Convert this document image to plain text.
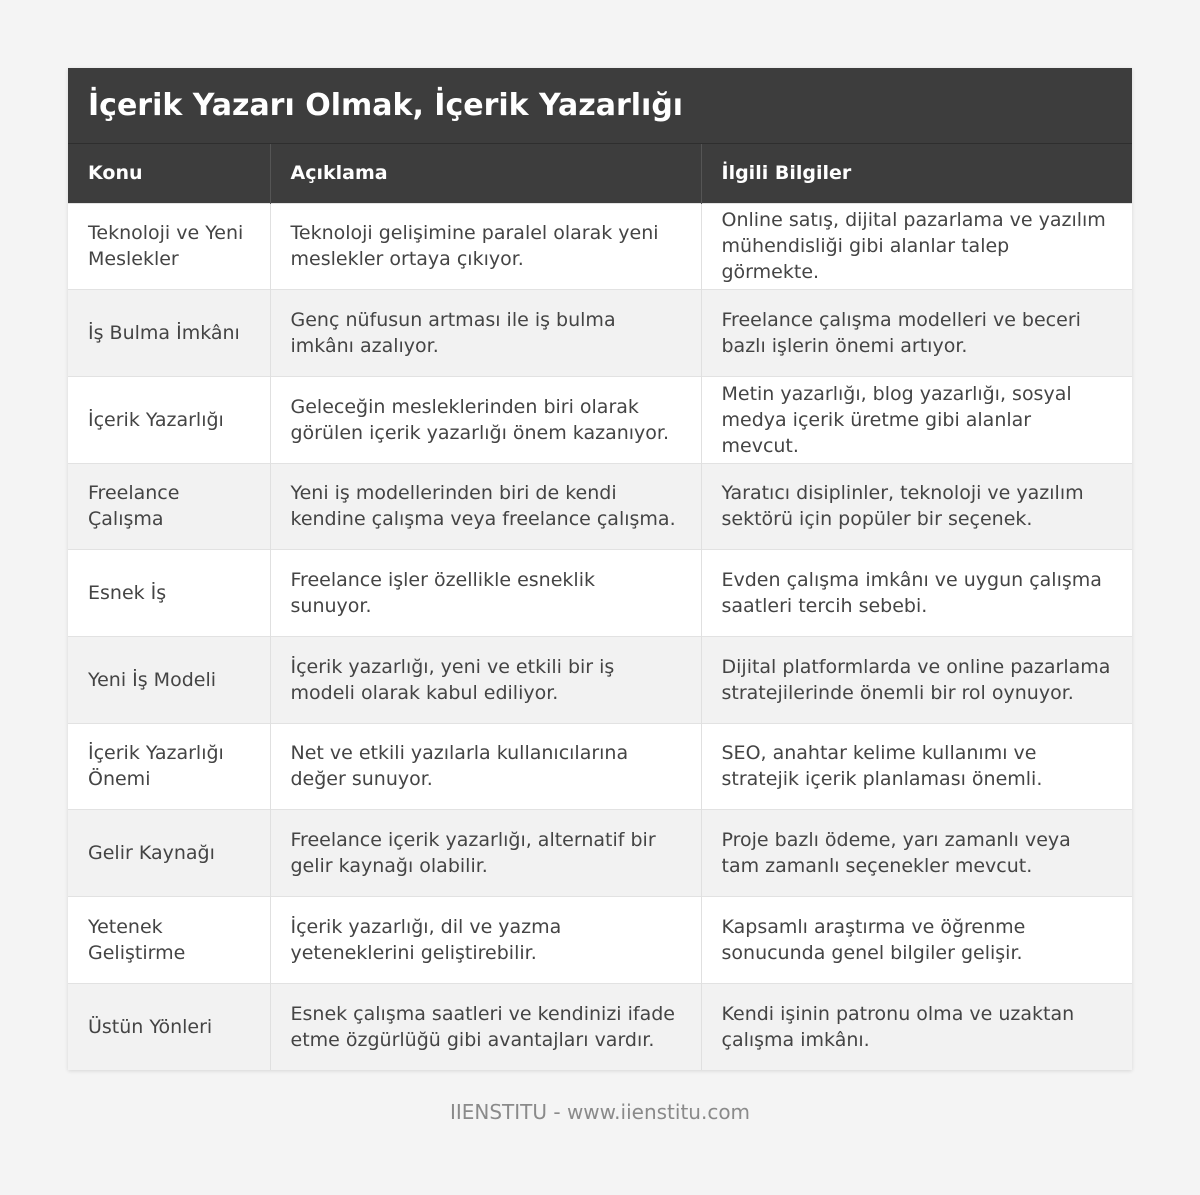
İçerik Yazarı Olmak, İçerik Yazarlığı
Konu	Açıklama	İlgili Bilgiler
Teknoloji ve Yeni Meslekler	Teknoloji gelişimine paralel olarak yeni meslekler ortaya çıkıyor.	Online satış, dijital pazarlama ve yazılım mühendisliği gibi alanlar talep görmekte.
İş Bulma İmkânı	Genç nüfusun artması ile iş bulma imkânı azalıyor.	Freelance çalışma modelleri ve beceri bazlı işlerin önemi artıyor.
İçerik Yazarlığı	Geleceğin mesleklerinden biri olarak görülen içerik yazarlığı önem kazanıyor.	Metin yazarlığı, blog yazarlığı, sosyal medya içerik üretme gibi alanlar mevcut.
Freelance Çalışma	Yeni iş modellerinden biri de kendi kendine çalışma veya freelance çalışma.	Yaratıcı disiplinler, teknoloji ve yazılım sektörü için popüler bir seçenek.
Esnek İş	Freelance işler özellikle esneklik sunuyor.	Evden çalışma imkânı ve uygun çalışma saatleri tercih sebebi.
Yeni İş Modeli	İçerik yazarlığı, yeni ve etkili bir iş modeli olarak kabul ediliyor.	Dijital platformlarda ve online pazarlama stratejilerinde önemli bir rol oynuyor.
İçerik Yazarlığı Önemi	Net ve etkili yazılarla kullanıcılarına değer sunuyor.	SEO, anahtar kelime kullanımı ve stratejik içerik planlaması önemli.
Gelir Kaynağı	Freelance içerik yazarlığı, alternatif bir gelir kaynağı olabilir.	Proje bazlı ödeme, yarı zamanlı veya tam zamanlı seçenekler mevcut.
Yetenek Geliştirme	İçerik yazarlığı, dil ve yazma yeteneklerini geliştirebilir.	Kapsamlı araştırma ve öğrenme sonucunda genel bilgiler gelişir.
Üstün Yönleri	Esnek çalışma saatleri ve kendinizi ifade etme özgürlüğü gibi avantajları vardır.	Kendi işinin patronu olma ve uzaktan çalışma imkânı.
IIENSTITU - www.iienstitu.com
